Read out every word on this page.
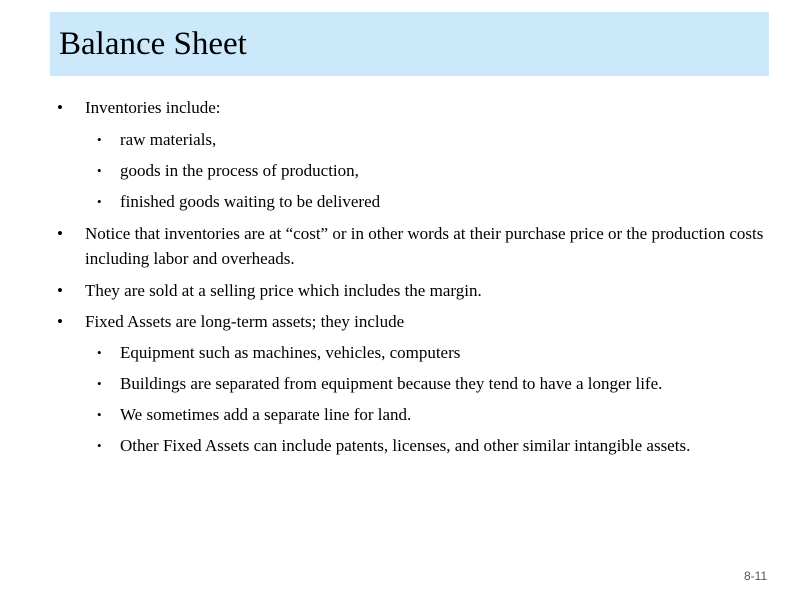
Balance Sheet
• Inventories include:
• raw materials,
• goods in the process of production,
• finished goods waiting to be delivered
• Notice that inventories are at “cost” or in other words at their purchase price or the production costs including labor and overheads.
• They are sold at a selling price which includes the margin.
• Fixed Assets are long-term assets; they include
• Equipment such as machines, vehicles, computers
• Buildings are separated from equipment because they tend to have a longer life.
• We sometimes add a separate line for land.
• Other Fixed Assets can include patents, licenses, and other similar intangible assets.
8-11
